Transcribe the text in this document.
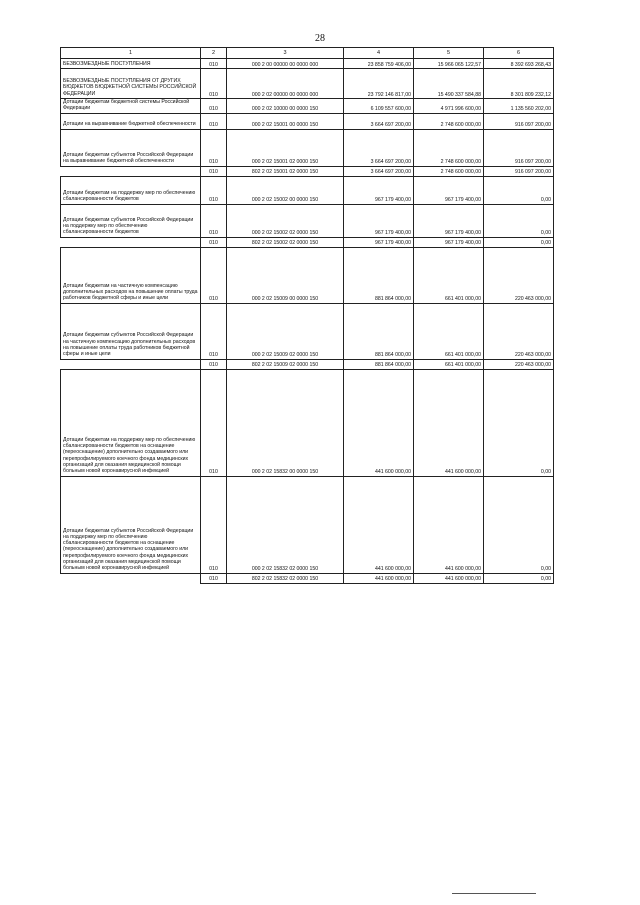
28
1	2	3	4	5	6
БЕЗВОЗМЕЗДНЫЕ ПОСТУПЛЕНИЯ	010	000 2 00 00000 00 0000 000	23 858 759 406,00	15 966 065 122,57	8 392 693 268,43
БЕЗВОЗМЕЗДНЫЕ ПОСТУПЛЕНИЯ ОТ ДРУГИХ БЮДЖЕТОВ БЮДЖЕТНОЙ СИСТЕМЫ РОССИЙСКОЙ ФЕДЕРАЦИИ	010	000 2 02 00000 00 0000 000	23 792 146 817,00	15 490 337 584,88	8 301 809 232,12
Дотации бюджетам бюджетной системы Российской Федерации	010	000 2 02 10000 00 0000 150	6 109 557 600,00	4 971 996 600,00	1 135 560 202,00
Дотации на выравнивание бюджетной обеспеченности	010	000 2 02 15001 00 0000 150	3 664 697 200,00	2 748 600 000,00	916 097 200,00
Дотации бюджетам субъектов Российской Федерации на выравнивание бюджетной обеспеченности	010	000 2 02 15001 02 0000 150	3 664 697 200,00	2 748 600 000,00	916 097 200,00
	010	802 2 02 15001 02 0000 150	3 664 697 200,00	2 748 600 000,00	916 097 200,00
Дотации бюджетам на поддержку мер по обеспечению сбалансированности бюджетов	010	000 2 02 15002 00 0000 150	967 179 400,00	967 179 400,00	0,00
Дотации бюджетам субъектов Российской Федерации на поддержку мер по обеспечению сбалансированности бюджетов	010	000 2 02 15002 02 0000 150	967 179 400,00	967 179 400,00	0,00
	010	802 2 02 15002 02 0000 150	967 179 400,00	967 179 400,00	0,00
Дотации бюджетам на частичную компенсацию дополнительных расходов на повышение оплаты труда работников бюджетной сферы и иные цели	010	000 2 02 15009 00 0000 150	881 864 000,00	661 401 000,00	220 463 000,00
Дотации бюджетам субъектов Российской Федерации на частичную компенсацию дополнительных расходов на повышение оплаты труда работников бюджетной сферы и иные цели	010	000 2 02 15009 02 0000 150	881 864 000,00	661 401 000,00	220 463 000,00
	010	802 2 02 15009 02 0000 150	881 864 000,00	661 401 000,00	220 463 000,00
Дотации бюджетам на поддержку мер по обеспечению сбалансированности бюджетов на оснащение (переоснащение) дополнительно создаваемого или перепрофилируемого коечного фонда медицинских организаций для оказания медицинской помощи больным новой коронавирусной инфекцией	010	000 2 02 15832 00 0000 150	441 600 000,00	441 600 000,00	0,00
Дотации бюджетам субъектов Российской Федерации на поддержку мер по обеспечению сбалансированности бюджетов на оснащение (переоснащение) дополнительно создаваемого или перепрофилируемого коечного фонда медицинских организаций для оказания медицинской помощи больным новой коронавирусной инфекцией	010	000 2 02 15832 02 0000 150	441 600 000,00	441 600 000,00	0,00
	010	802 2 02 15832 02 0000 150	441 600 000,00	441 600 000,00	0,00
